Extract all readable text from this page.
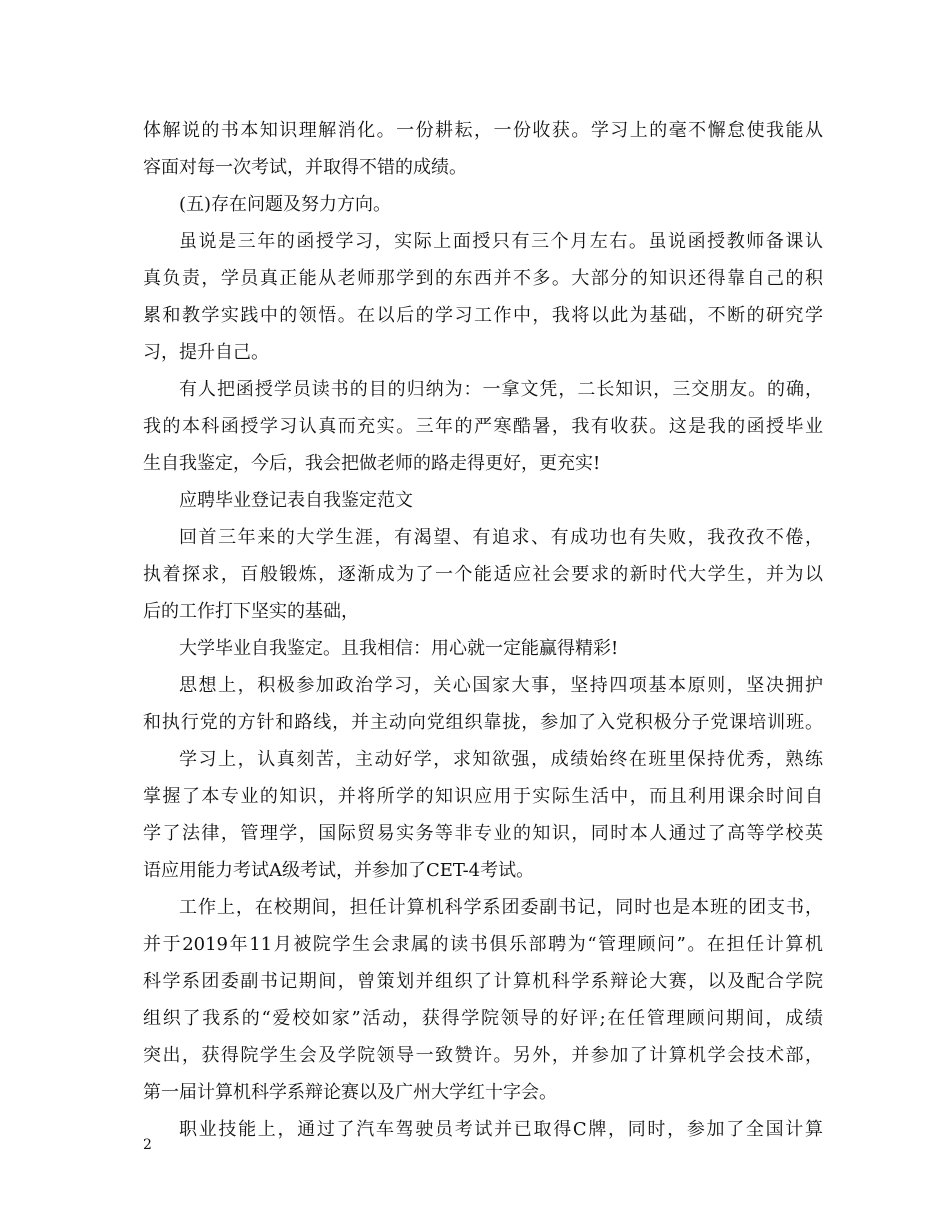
体解说的书本知识理解消化。一份耕耘，一份收获。学习上的毫不懈怠使我能从
容面对每一次考试，并取得不错的成绩。
(五)存在问题及努力方向。
虽说是三年的函授学习，实际上面授只有三个月左右。虽说函授教师备课认
真负责，学员真正能从老师那学到的东西并不多。大部分的知识还得靠自己的积
累和教学实践中的领悟。在以后的学习工作中，我将以此为基础，不断的研究学
习，提升自己。
有人把函授学员读书的目的归纳为：一拿文凭，二长知识，三交朋友。的确，
我的本科函授学习认真而充实。三年的严寒酷暑，我有收获。这是我的函授毕业
生自我鉴定，今后，我会把做老师的路走得更好，更充实!
应聘毕业登记表自我鉴定范文
回首三年来的大学生涯，有渴望、有追求、有成功也有失败，我孜孜不倦，
执着探求，百般锻炼，逐渐成为了一个能适应社会要求的新时代大学生，并为以
后的工作打下坚实的基础，
大学毕业自我鉴定。且我相信：用心就一定能赢得精彩!
思想上，积极参加政治学习，关心国家大事，坚持四项基本原则，坚决拥护
和执行党的方针和路线，并主动向党组织靠拢，参加了入党积极分子党课培训班。
学习上，认真刻苦，主动好学，求知欲强，成绩始终在班里保持优秀，熟练
掌握了本专业的知识，并将所学的知识应用于实际生活中，而且利用课余时间自
学了法律，管理学，国际贸易实务等非专业的知识，同时本人通过了高等学校英
语应用能力考试A级考试，并参加了CET-4考试。
工作上，在校期间，担任计算机科学系团委副书记，同时也是本班的团支书，
并于2019年11月被院学生会隶属的读书俱乐部聘为“管理顾问”。在担任计算机
科学系团委副书记期间，曾策划并组织了计算机科学系辩论大赛，以及配合学院
组织了我系的“爱校如家”活动，获得学院领导的好评;在任管理顾问期间，成绩
突出，获得院学生会及学院领导一致赞许。另外，并参加了计算机学会技术部，
第一届计算机科学系辩论赛以及广州大学红十字会。
职业技能上，通过了汽车驾驶员考试并已取得C牌，同时，参加了全国计算
2
